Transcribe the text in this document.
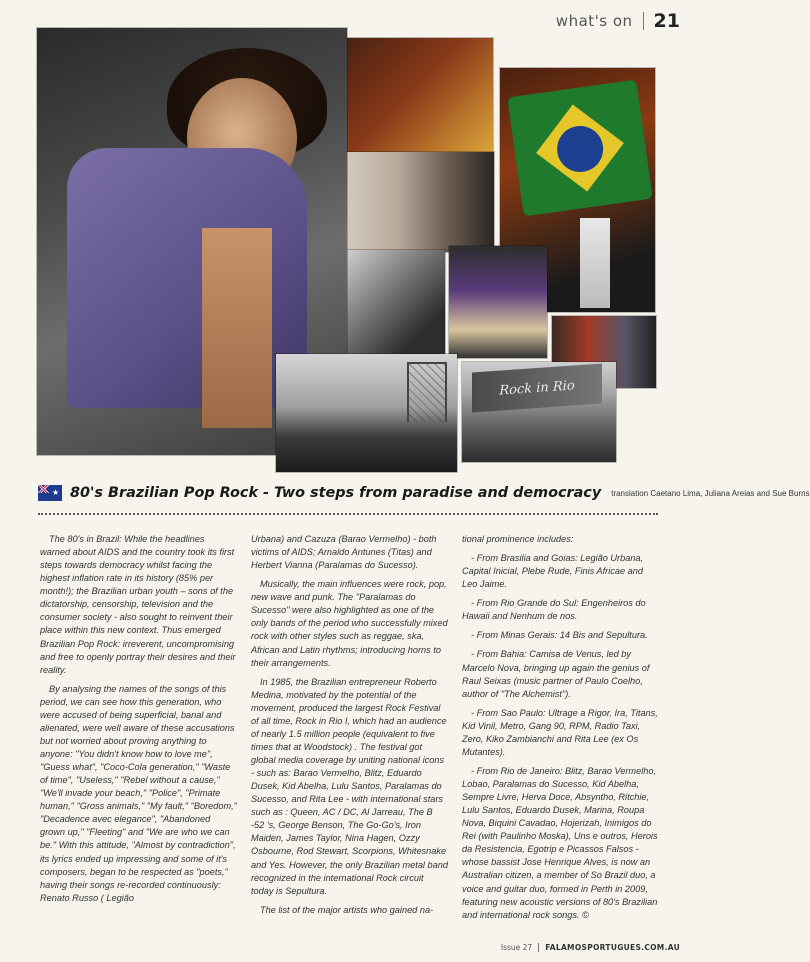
what's on 21
Rock in Rio
★
80's Brazilian Pop Rock - Two steps from paradise and democracy translation Caetano Lima, Juliana Areias and Sue Burns

The 80's in Brazil: While the headlines warned about AIDS and the country took its first steps towards democracy whilst facing the highest inflation rate in its history (85% per month!); the Brazilian urban youth – sons of the dictatorship, censorship, television and the consumer society - also sought to reinvent their place within this new context. Thus emerged Brazilian Pop Rock: irreverent, uncompromising and free to openly portray their desires and their reality.

By analysing the names of the songs of this period, we can see how this generation, who were accused of being superficial, banal and alienated, were well aware of these accusations but not worried about proving anything to anyone: "You didn't know how to love me", "Guess what", "Coco-Cola generation," "Waste of time", "Useless," "Rebel without a cause," "We'll invade your beach," "Police", "Primate human," "Gross animals," "My fault," "Boredom," "Decadence avec elegance", "Abandoned grown up," "Fleeting" and "We are who we can be." With this attitude, "Almost by contradiction", its lyrics ended up impressing and some of it's composers, began to be respected as "poets," having their songs re-recorded continuously: Renato Russo ( Legião

Urbana) and Cazuza (Barao Vermelho) - both victims of AIDS; Arnaldo Antunes (Titas) and Herbert Vianna (Paralamas do Sucesso).

Musically, the main influences were rock, pop, new wave and punk. The "Paralamas do Sucesso" were also highlighted as one of the only bands of the period who successfully mixed rock with other styles such as reggae, ska, African and Latin rhythms; introducing horns to their arrangements.

In 1985, the Brazilian entrepreneur Roberto Medina, motivated by the potential of the movement, produced the largest Rock Festival of all time, Rock in Rio I, which had an audience of nearly 1.5 million people (equivalent to five times that at Woodstock) . The festival got global media coverage by uniting national icons - such as: Barao Vermelho, Blitz, Eduardo Dusek, Kid Abelha, Lulu Santos, Paralamas do Sucesso, and Rita Lee - with international stars such as : Queen, AC / DC, Al Jarreau, The B -52 's, George Benson, The Go-Go's, Iron Maiden, James Taylor, Nina Hagen, Ozzy Osbourne, Rod Stewart, Scorpions, Whitesnake and Yes. However, the only Brazilian metal band recognized in the international Rock circuit today is Sepultura.

The list of the major artists who gained na-

tional prominence includes:

- From Brasilia and Goias: Legião Urbana, Capital Inicial, Plebe Rude, Finis Africae and Leo Jaime.

- From Rio Grande do Sul: Engenheiros do Hawaii and Nenhum de nos.

- From Minas Gerais: 14 Bis and Sepultura.

- From Bahia: Camisa de Venus, led by Marcelo Nova, bringing up again the genius of Raul Seixas (music partner of Paulo Coelho, author of "The Alchemist").

- From Sao Paulo: Ultrage a Rigor, Ira, Titans, Kid Vinil, Metro, Gang 90, RPM, Radio Taxi, Zero, Kiko Zambianchi and Rita Lee (ex Os Mutantes).

- From Rio de Janeiro: Blitz, Barao Vermelho, Lobao, Paralamas do Sucesso, Kid Abelha, Sempre Livre, Herva Doce, Absyntho, Ritchie, Lulu Santos, Eduardo Dusek, Marina, Roupa Nova, Biquini Cavadao, Hojerizah, Inimigos do Rei (with Paulinho Moska), Uns e outros, Herois da Resistencia, Egotrip e Picassos Falsos - whose bassist Jose Henrique Alves, is now an Australian citizen, a member of So Brazil duo, a voice and guitar duo, formed in Perth in 2009, featuring new acoustic versions of 80's Brazilian and international rock songs. ©

Issue 27 FALAMOSPORTUGUES.COM.AU
